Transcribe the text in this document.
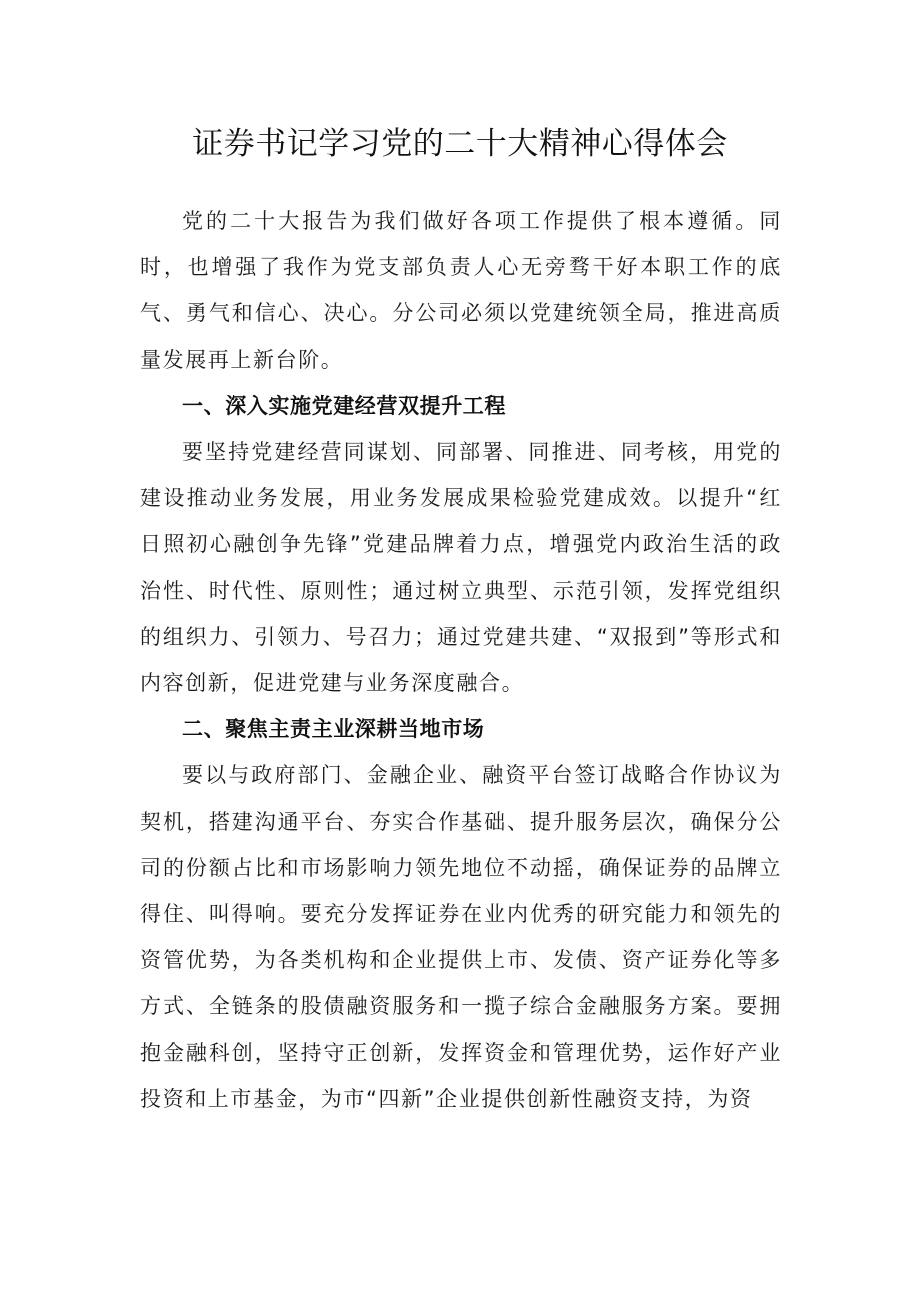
证券书记学习党的二十大精神心得体会

党的二十大报告为我们做好各项工作提供了根本遵循。同时，也增强了我作为党支部负责人心无旁骛干好本职工作的底气、勇气和信心、决心。分公司必须以党建统领全局，推进高质量发展再上新台阶。

一、深入实施党建经营双提升工程

要坚持党建经营同谋划、同部署、同推进、同考核，用党的建设推动业务发展，用业务发展成果检验党建成效。以提升“红日照初心融创争先锋”党建品牌着力点，增强党内政治生活的政治性、时代性、原则性；通过树立典型、示范引领，发挥党组织的组织力、引领力、号召力；通过党建共建、“双报到”等形式和内容创新，促进党建与业务深度融合。

二、聚焦主责主业深耕当地市场

要以与政府部门、金融企业、融资平台签订战略合作协议为契机，搭建沟通平台、夯实合作基础、提升服务层次，确保分公司的份额占比和市场影响力领先地位不动摇，确保证券的品牌立得住、叫得响。要充分发挥证券在业内优秀的研究能力和领先的资管优势，为各类机构和企业提供上市、发债、资产证券化等多方式、全链条的股债融资服务和一揽子综合金融服务方案。要拥抱金融科创，坚持守正创新，发挥资金和管理优势，运作好产业投资和上市基金，为市“四新”企业提供创新性融资支持，为资
